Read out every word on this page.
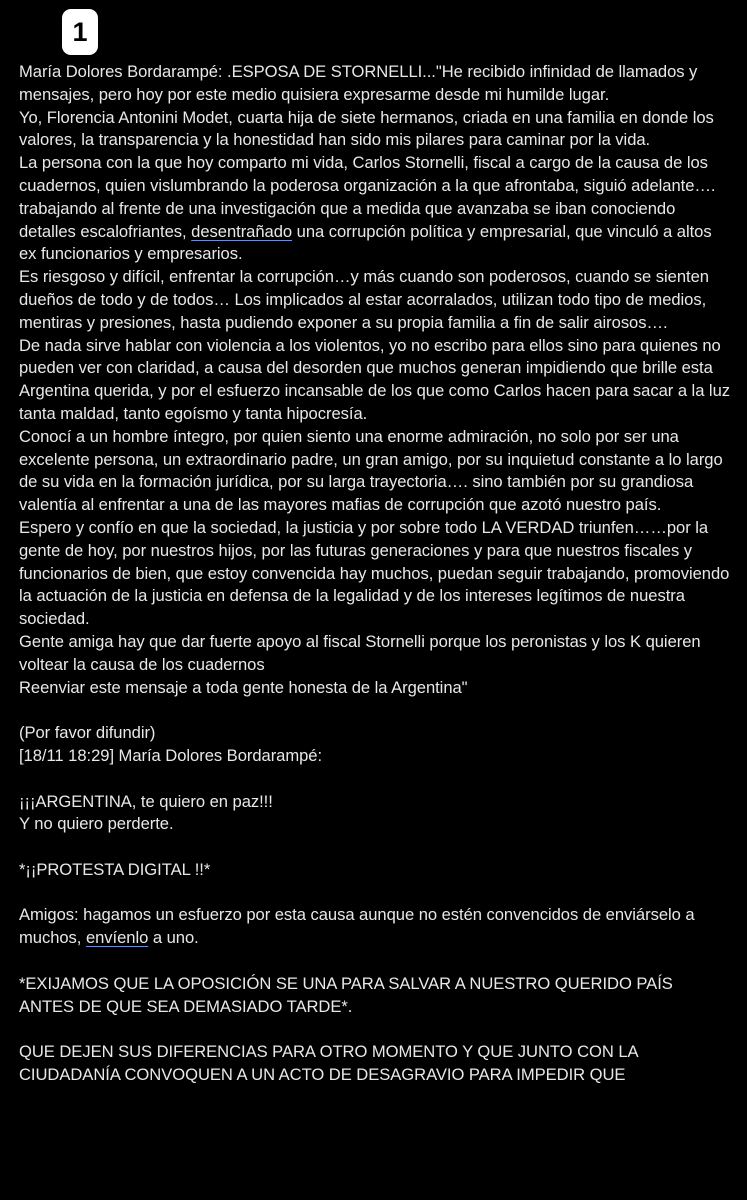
1

María Dolores Bordarampé: .ESPOSA DE STORNELLI..."He recibido infinidad de llamados y mensajes, pero hoy por este medio quisiera expresarme desde mi humilde lugar.

Yo, Florencia Antonini Modet, cuarta hija de siete hermanos, criada en una familia en donde los valores, la transparencia y la honestidad han sido mis pilares para caminar por la vida.

La persona con la que hoy comparto mi vida, Carlos Stornelli, fiscal a cargo de la causa de los cuadernos, quien vislumbrando la poderosa organización a la que afrontaba, siguió adelante…. trabajando al frente de una investigación que a medida que avanzaba se iban conociendo detalles escalofriantes, desentrañado una corrupción política y empresarial, que vinculó a altos ex funcionarios y empresarios.

Es riesgoso y difícil, enfrentar la corrupción…y más cuando son poderosos, cuando se sienten dueños de todo y de todos… Los implicados al estar acorralados, utilizan todo tipo de medios, mentiras y presiones, hasta pudiendo exponer a su propia familia a fin de salir airosos….

De nada sirve hablar con violencia a los violentos, yo no escribo para ellos sino para quienes no pueden ver con claridad, a causa del desorden que muchos generan impidiendo que brille esta Argentina querida, y por el esfuerzo incansable de los que como Carlos hacen para sacar a la luz tanta maldad, tanto egoísmo y tanta hipocresía.

Conocí a un hombre íntegro, por quien siento una enorme admiración, no solo por ser una excelente persona, un extraordinario padre, un gran amigo, por su inquietud constante a lo largo de su vida en la formación jurídica, por su larga trayectoria…. sino también por su grandiosa valentía al enfrentar a una de las mayores mafias de corrupción que azotó nuestro país.

Espero y confío en que la sociedad, la justicia y por sobre todo LA VERDAD triunfen……por la gente de hoy, por nuestros hijos, por las futuras generaciones y para que nuestros fiscales y funcionarios de bien, que estoy convencida hay muchos, puedan seguir trabajando, promoviendo la actuación de la justicia en defensa de la legalidad y de los intereses legítimos de nuestra sociedad.

Gente amiga hay que dar fuerte apoyo al fiscal Stornelli porque los peronistas y los K quieren voltear la causa de los cuadernos

Reenviar este mensaje a toda gente honesta de la Argentina"

(Por favor difundir)

[18/11 18:29] María Dolores Bordarampé:

¡¡¡ARGENTINA, te quiero en paz!!!

Y no quiero perderte.

*¡¡PROTESTA DIGITAL !!*

Amigos: hagamos un esfuerzo por esta causa aunque no estén convencidos de enviárselo a muchos, envíenlo a uno.

*EXIJAMOS QUE LA OPOSICIÓN SE UNA PARA SALVAR A NUESTRO QUERIDO PAÍS ANTES DE QUE SEA DEMASIADO TARDE*.

QUE DEJEN SUS DIFERENCIAS PARA OTRO MOMENTO Y QUE JUNTO CON LA CIUDADANÍA CONVOQUEN A UN ACTO DE DESAGRAVIO PARA IMPEDIR QUE
